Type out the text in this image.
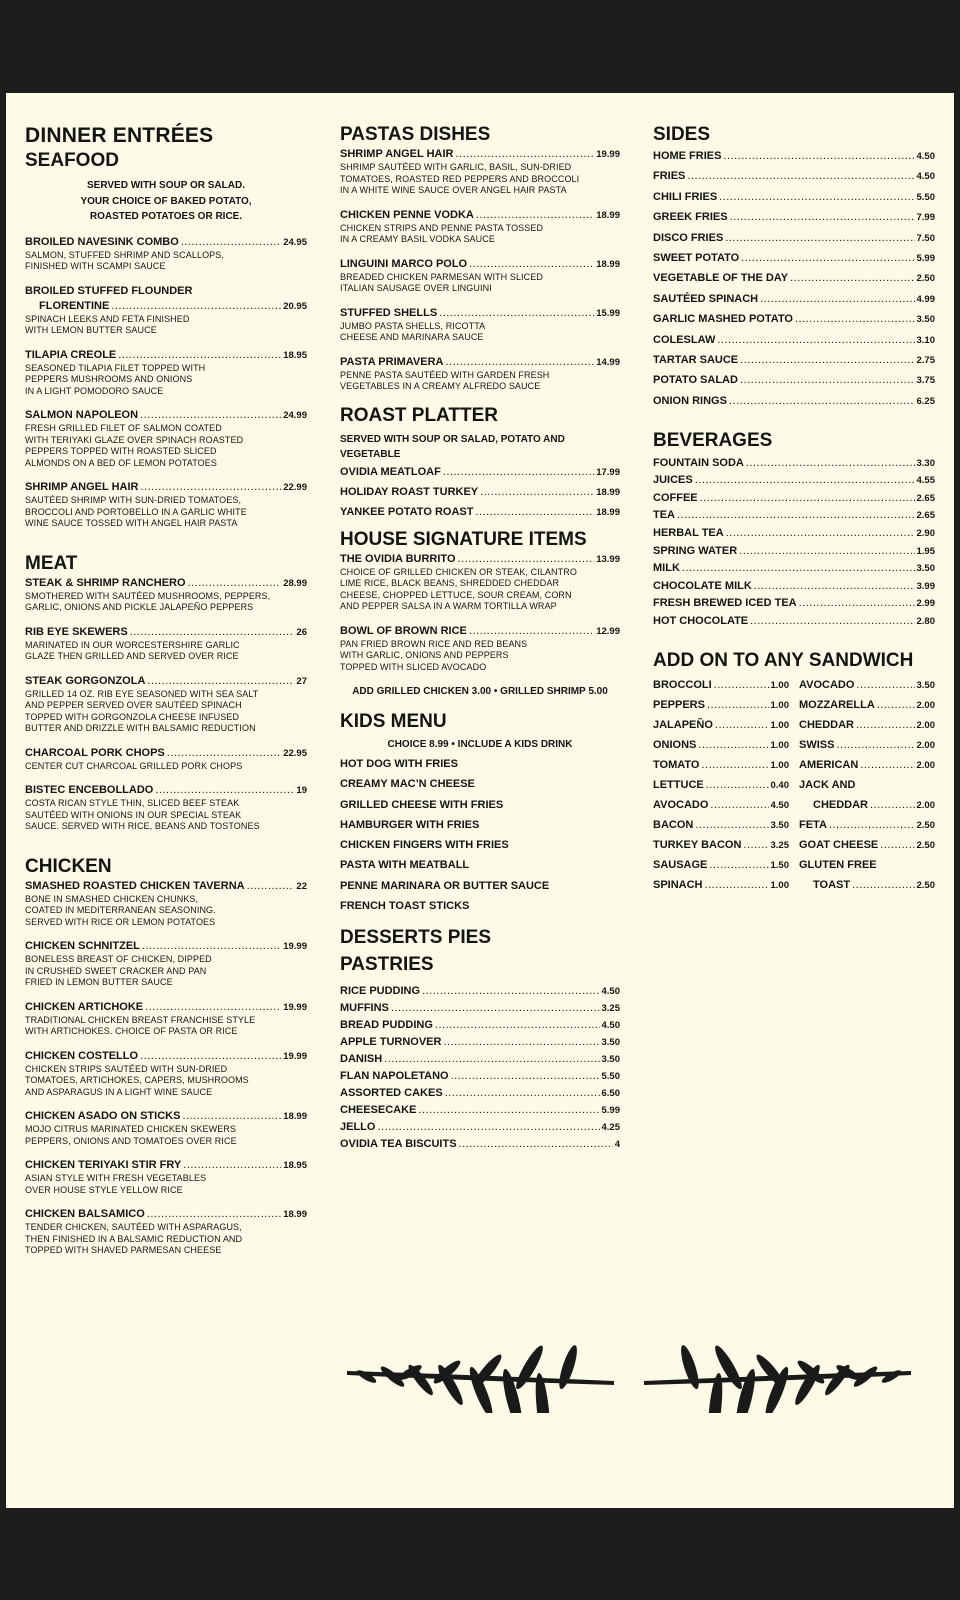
DINNER ENTRÉES
SEAFOOD
SERVED WITH SOUP OR SALAD.
YOUR CHOICE OF BAKED POTATO,
ROASTED POTATOES OR RICE.
BROILED NAVESINK COMBO .....	24.95
SALMON, STUFFED SHRIMP AND SCALLOPS,
FINISHED WITH SCAMPI SAUCE
BROILED STUFFED FLOUNDER
FLORENTINE .....	20.95
SPINACH LEEKS AND FETA FINISHED
WITH LEMON BUTTER SAUCE
TILAPIA CREOLE .....	18.95
SEASONED TILAPIA FILET TOPPED WITH
PEPPERS MUSHROOMS AND ONIONS
IN A LIGHT POMODORO SAUCE
SALMON NAPOLEON .....	24.99
FRESH GRILLED FILET OF SALMON COATED
WITH TERIYAKI GLAZE OVER SPINACH ROASTED
PEPPERS TOPPED WITH ROASTED SLICED
ALMONDS ON A BED OF LEMON POTATOES
SHRIMP ANGEL HAIR .....	22.99
SAUTÉED SHRIMP WITH SUN-DRIED TOMATOES,
BROCCOLI AND PORTOBELLO IN A GARLIC WHITE
WINE SAUCE TOSSED WITH ANGEL HAIR PASTA
MEAT
STEAK & SHRIMP RANCHERO .....	28.99
SMOTHERED WITH SAUTÉED MUSHROOMS, PEPPERS,
GARLIC, ONIONS AND PICKLE JALAPEÑO PEPPERS
RIB EYE SKEWERS .....	26
MARINATED IN OUR WORCESTERSHIRE GARLIC
GLAZE THEN GRILLED AND SERVED OVER RICE
STEAK GORGONZOLA .....	27
GRILLED 14 OZ. RIB EYE SEASONED WITH SEA SALT
AND PEPPER SERVED OVER SAUTÉED SPINACH
TOPPED WITH GORGONZOLA CHEESE INFUSED
BUTTER AND DRIZZLE WITH BALSAMIC REDUCTION
CHARCOAL PORK CHOPS .....	22.95
CENTER CUT CHARCOAL GRILLED PORK CHOPS
BISTEC ENCEBOLLADO .....	19
COSTA RICAN STYLE THIN, SLICED BEEF STEAK
SAUTÉED WITH ONIONS IN OUR SPECIAL STEAK
SAUCE. SERVED WITH RICE, BEANS AND TOSTONES
CHICKEN
SMASHED ROASTED CHICKEN TAVERNA .....	22
BONE IN SMASHED CHICKEN CHUNKS,
COATED IN MEDITERRANEAN SEASONING.
SERVED WITH RICE OR LEMON POTATOES
CHICKEN SCHNITZEL .....	19.99
BONELESS BREAST OF CHICKEN, DIPPED
IN CRUSHED SWEET CRACKER AND PAN
FRIED IN LEMON BUTTER SAUCE
CHICKEN ARTICHOKE .....	19.99
TRADITIONAL CHICKEN BREAST FRANCHISE STYLE
WITH ARTICHOKES. CHOICE OF PASTA OR RICE
CHICKEN COSTELLO .....	19.99
CHICKEN STRIPS SAUTÉED WITH SUN-DRIED
TOMATOES, ARTICHOKES, CAPERS, MUSHROOMS
AND ASPARAGUS IN A LIGHT WINE SAUCE
CHICKEN ASADO ON STICKS .....	18.99
MOJO CITRUS MARINATED CHICKEN SKEWERS
PEPPERS, ONIONS AND TOMATOES OVER RICE
CHICKEN TERIYAKI STIR FRY .....	18.95
ASIAN STYLE WITH FRESH VEGETABLES
OVER HOUSE STYLE YELLOW RICE
CHICKEN BALSAMICO .....	18.99
TENDER CHICKEN, SAUTÉED WITH ASPARAGUS,
THEN FINISHED IN A BALSAMIC REDUCTION AND
TOPPED WITH SHAVED PARMESAN CHEESE
PASTAS DISHES
SHRIMP ANGEL HAIR .....	19.99
SHRIMP SAUTÉED WITH GARLIC, BASIL, SUN-DRIED
TOMATOES, ROASTED RED PEPPERS AND BROCCOLI
IN A WHITE WINE SAUCE OVER ANGEL HAIR PASTA
CHICKEN PENNE VODKA .....	18.99
CHICKEN STRIPS AND PENNE PASTA TOSSED
IN A CREAMY BASIL VODKA SAUCE
LINGUINI MARCO POLO .....	18.99
BREADED CHICKEN PARMESAN WITH SLICED
ITALIAN SAUSAGE OVER LINGUINI
STUFFED SHELLS .....	15.99
JUMBO PASTA SHELLS, RICOTTA
CHEESE AND MARINARA SAUCE
PASTA PRIMAVERA .....	14.99
PENNE PASTA SAUTÉED WITH GARDEN FRESH
VEGETABLES IN A CREAMY ALFREDO SAUCE
ROAST PLATTER
SERVED WITH SOUP OR SALAD, POTATO AND VEGETABLE
OVIDIA MEATLOAF .....	17.99
HOLIDAY ROAST TURKEY .....	18.99
YANKEE POTATO ROAST .....	18.99
HOUSE SIGNATURE ITEMS
THE OVIDIA BURRITO .....	13.99
CHOICE OF GRILLED CHICKEN OR STEAK, CILANTRO
LIME RICE, BLACK BEANS, SHREDDED CHEDDAR
CHEESE, CHOPPED LETTUCE, SOUR CREAM, CORN
AND PEPPER SALSA IN A WARM TORTILLA WRAP
BOWL OF BROWN RICE .....	12.99
PAN FRIED BROWN RICE AND RED BEANS
WITH GARLIC, ONIONS AND PEPPERS
TOPPED WITH SLICED AVOCADO
ADD GRILLED CHICKEN 3.00 • GRILLED SHRIMP 5.00
KIDS MENU
CHOICE 8.99 • INCLUDE A KIDS DRINK
HOT DOG WITH FRIES
CREAMY MAC’N CHEESE
GRILLED CHEESE WITH FRIES
HAMBURGER WITH FRIES
CHICKEN FINGERS WITH FRIES
PASTA WITH MEATBALL
PENNE MARINARA OR BUTTER SAUCE
FRENCH TOAST STICKS
DESSERTS PIES
PASTRIES
RICE PUDDING .....	4.50
MUFFINS .....	3.25
BREAD PUDDING .....	4.50
APPLE TURNOVER .....	3.50
DANISH .....	3.50
FLAN NAPOLETANO .....	5.50
ASSORTED CAKES .....	6.50
CHEESECAKE .....	5.99
JELLO .....	4.25
OVIDIA TEA BISCUITS .....	4
SIDES
HOME FRIES .....	4.50
FRIES .....	4.50
CHILI FRIES .....	5.50
GREEK FRIES .....	7.99
DISCO FRIES .....	7.50
SWEET POTATO .....	5.99
VEGETABLE OF THE DAY .....	2.50
SAUTÉED SPINACH .....	4.99
GARLIC MASHED POTATO .....	3.50
COLESLAW .....	3.10
TARTAR SAUCE .....	2.75
POTATO SALAD .....	3.75
ONION RINGS .....	6.25
BEVERAGES
FOUNTAIN SODA .....	3.30
JUICES .....	4.55
COFFEE .....	2.65
TEA .....	2.65
HERBAL TEA .....	2.90
SPRING WATER .....	1.95
MILK .....	3.50
CHOCOLATE MILK .....	3.99
FRESH BREWED ICED TEA .....	2.99
HOT CHOCOLATE .....	2.80
ADD ON TO ANY SANDWICH
BROCCOLI .....	1.00
PEPPERS .....	1.00
JALAPEÑO .....	1.00
ONIONS .....	1.00
TOMATO .....	1.00
LETTUCE .....	0.40
AVOCADO .....	4.50
BACON .....	3.50
TURKEY BACON .....	3.25
SAUSAGE .....	1.50
SPINACH .....	1.00
AVOCADO .....	3.50
MOZZARELLA .....	2.00
CHEDDAR .....	2.00
SWISS .....	2.00
AMERICAN .....	2.00
JACK AND
CHEDDAR .....	2.00
FETA .....	2.50
GOAT CHEESE .....	2.50
GLUTEN FREE
TOAST .....	2.50
